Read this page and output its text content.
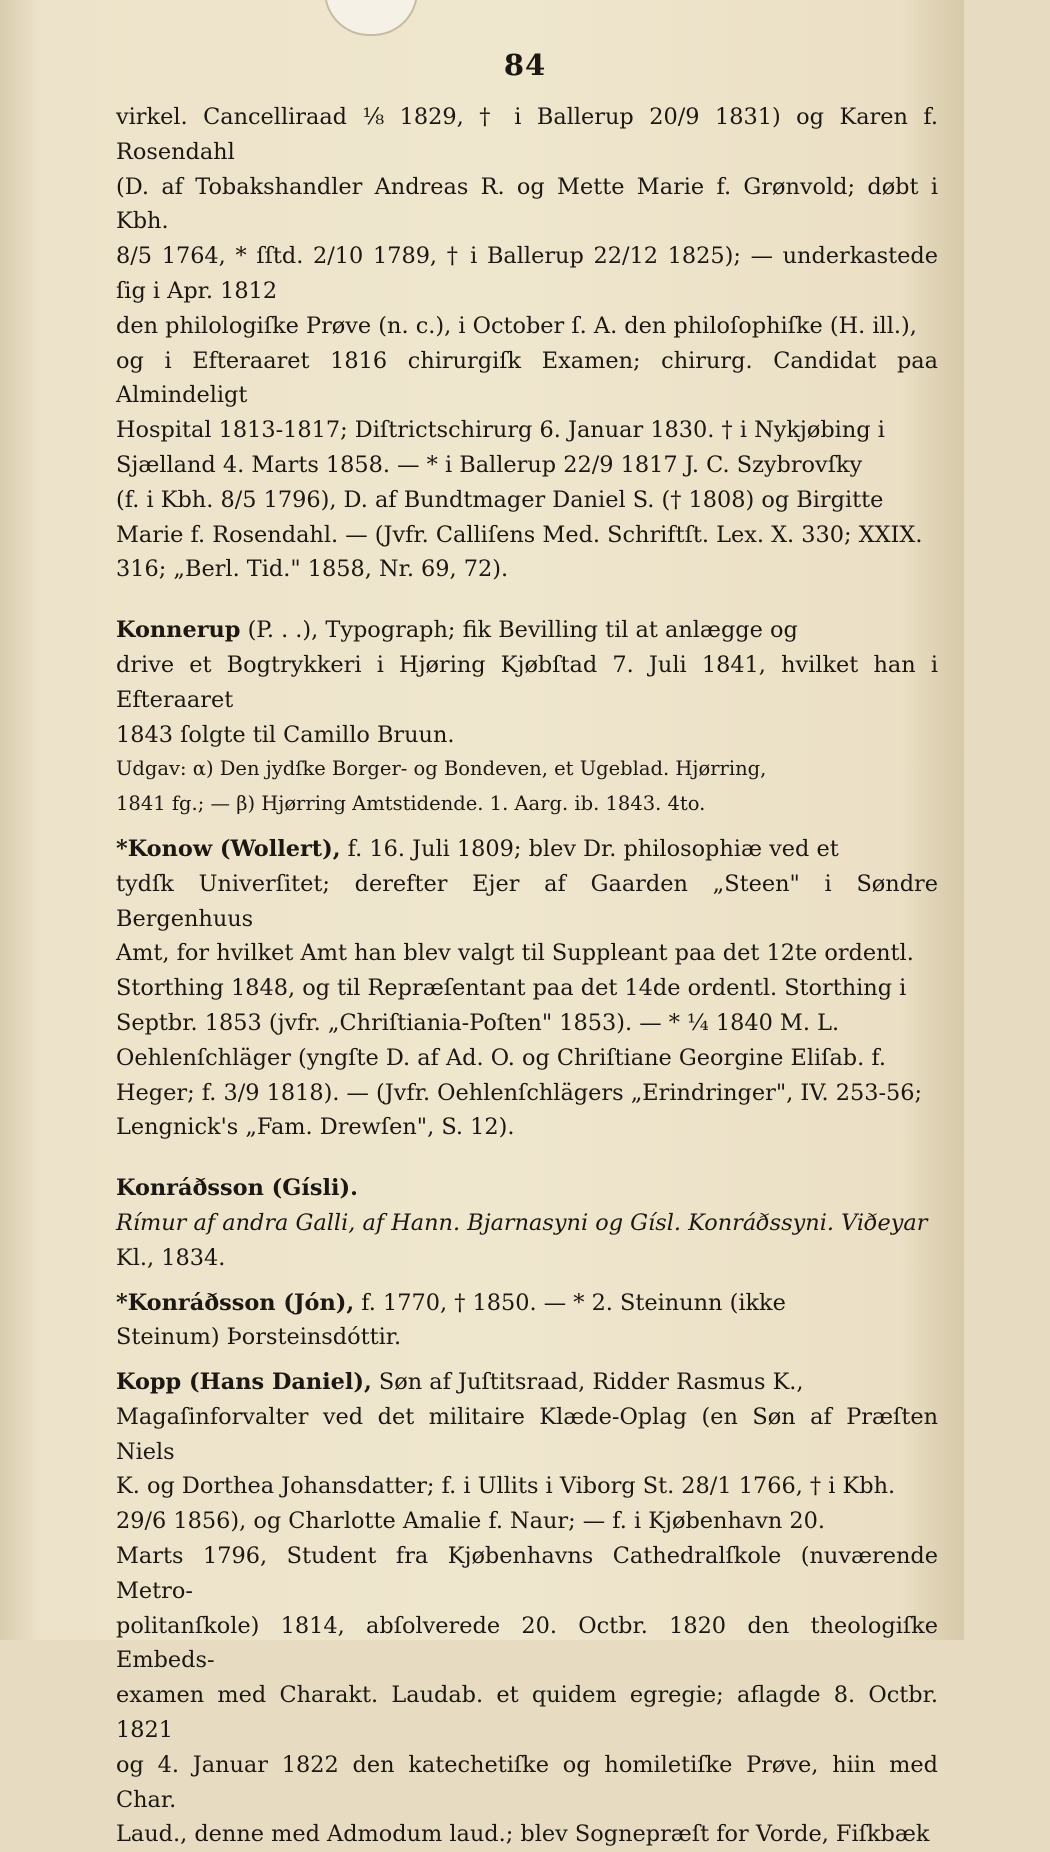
84

virkel. Cancelliraad ⅛ 1829, † i Ballerup 20/9 1831) og Karen f. Rosendahl

(D. af Tobakshandler Andreas R. og Mette Marie f. Grønvold; døbt i Kbh.

8/5 1764, * ſſtd. 2/10 1789, † i Ballerup 22/12 1825); — underkastede ſig i Apr. 1812

den philologiſke Prøve (n. c.), i October ſ. A. den philoſophiſke (H. ill.),

og i Efteraaret 1816 chirurgiſk Examen; chirurg. Candidat paa Almindeligt

Hospital 1813-1817; Diſtrictschirurg 6. Januar 1830. † i Nykjøbing i

Sjælland 4. Marts 1858. — * i Ballerup 22/9 1817 J. C. Szybrovſky

(f. i Kbh. 8/5 1796), D. af Bundtmager Daniel S. († 1808) og Birgitte

Marie f. Rosendahl. — (Jvfr. Calliſens Med. Schriftſt. Lex. X. 330; XXIX.

316; „Berl. Tid." 1858, Nr. 69, 72).

Konnerup (P. . .), Typograph; fik Bevilling til at anlægge og

drive et Bogtrykkeri i Hjøring Kjøbſtad 7. Juli 1841, hvilket han i Efteraaret

1843 ſolgte til Camillo Bruun.

Udgav: α) Den jydſke Borger- og Bondeven, et Ugeblad. Hjørring,

1841 fg.; — β) Hjørring Amtstidende. 1. Aarg. ib. 1843. 4to.

*Konow (Wollert), f. 16. Juli 1809; blev Dr. philosophiæ ved et

tydſk Univerſitet; derefter Ejer af Gaarden „Steen" i Søndre Bergenhuus

Amt, for hvilket Amt han blev valgt til Suppleant paa det 12te ordentl.

Storthing 1848, og til Repræſentant paa det 14de ordentl. Storthing i

Septbr. 1853 (jvfr. „Chriſtiania-Poſten" 1853). — * ¼ 1840 M. L.

Oehlenſchläger (yngſte D. af Ad. O. og Chriſtiane Georgine Eliſab. f.

Heger; f. 3/9 1818). — (Jvfr. Oehlenſchlägers „Erindringer", IV. 253-56;

Lengnick's „Fam. Drewſen", S. 12).

Konráðsson (Gísli).

Rímur af andra Galli, af Hann. Bjarnasyni og Gísl. Konráðssyni. Viðeyar

Kl., 1834.

*Konráðsson (Jón), f. 1770, † 1850. — * 2. Steinunn (ikke

Steinum) Þorsteinsdóttir.

Kopp (Hans Daniel), Søn af Juſtitsraad, Ridder Rasmus K.,

Magaſinforvalter ved det militaire Klæde-Oplag (en Søn af Præſten Niels

K. og Dorthea Johansdatter; f. i Ullits i Viborg St. 28/1 1766, † i Kbh.

29/6 1856), og Charlotte Amalie f. Naur; — f. i Kjøbenhavn 20.

Marts 1796, Student fra Kjøbenhavns Cathedralſkole (nuværende Metro-

politanſkole) 1814, abſolverede 20. Octbr. 1820 den theologiſke Embeds-

examen med Charakt. Laudab. et quidem egregie; aflagde 8. Octbr. 1821

og 4. Januar 1822 den katechetiſke og homiletiſke Prøve, hiin med Char.

Laud., denne med Admodum laud.; blev Sognepræſt for Vorde, Fiſkbæk
